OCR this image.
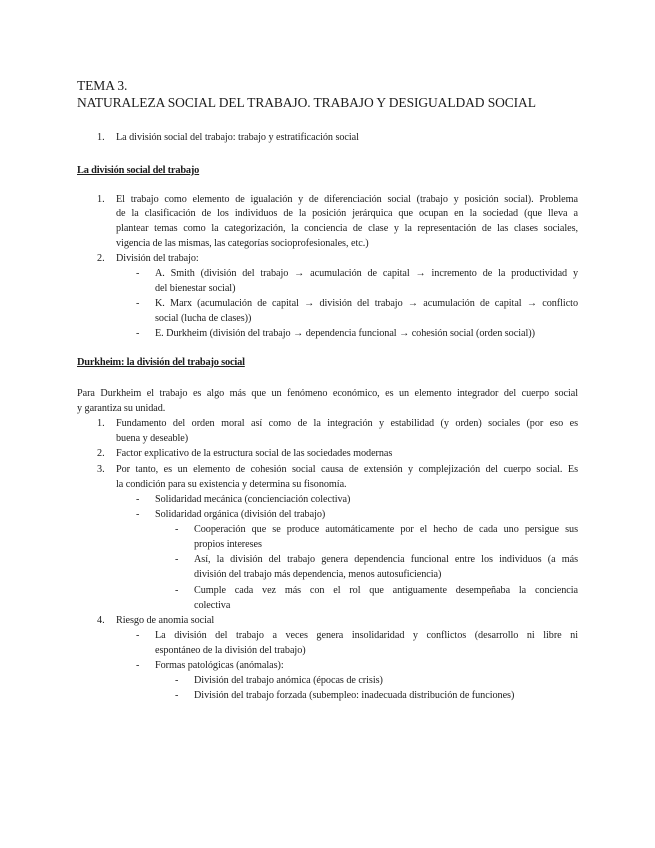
TEMA 3.
NATURALEZA SOCIAL DEL TRABAJO. TRABAJO Y DESIGUALDAD SOCIAL
1. La división social del trabajo: trabajo y estratificación social
La división social del trabajo
1. El trabajo como elemento de igualación y de diferenciación social (trabajo y posición social). Problema
de la clasificación de los individuos de la posición jerárquica que ocupan en la sociedad (que lleva a
plantear temas como la categorización, la conciencia de clase y la representación de las clases sociales,
vigencia de las mismas, las categorías socioprofesionales, etc.)
2. División del trabajo:
- A. Smith (división del trabajo → acumulación de capital → incremento de la productividad y
del bienestar social)
- K. Marx (acumulación de capital → división del trabajo → acumulación de capital → conflicto
social (lucha de clases))
- E. Durkheim (división del trabajo → dependencia funcional → cohesión social (orden social))
Durkheim: la división del trabajo social
Para Durkheim el trabajo es algo más que un fenómeno económico, es un elemento integrador del cuerpo social
y garantiza su unidad.
1. Fundamento del orden moral así como de la integración y estabilidad (y orden) sociales (por eso es
buena y deseable)
2. Factor explicativo de la estructura social de las sociedades modernas
3. Por tanto, es un elemento de cohesión social causa de extensión y complejización del cuerpo social. Es
la condición para su existencia y determina su fisonomía.
- Solidaridad mecánica (concienciación colectiva)
- Solidaridad orgánica (división del trabajo)
- Cooperación que se produce automáticamente por el hecho de cada uno persigue sus
propios intereses
- Así, la división del trabajo genera dependencia funcional entre los individuos (a más
división del trabajo más dependencia, menos autosuficiencia)
- Cumple cada vez más con el rol que antiguamente desempeñaba la conciencia
colectiva
4. Riesgo de anomia social
- La división del trabajo a veces genera insolidaridad y conflictos (desarrollo ni libre ni
espontáneo de la división del trabajo)
- Formas patológicas (anómalas):
- División del trabajo anómica (épocas de crisis)
- División del trabajo forzada (subempleo: inadecuada distribución de funciones)
